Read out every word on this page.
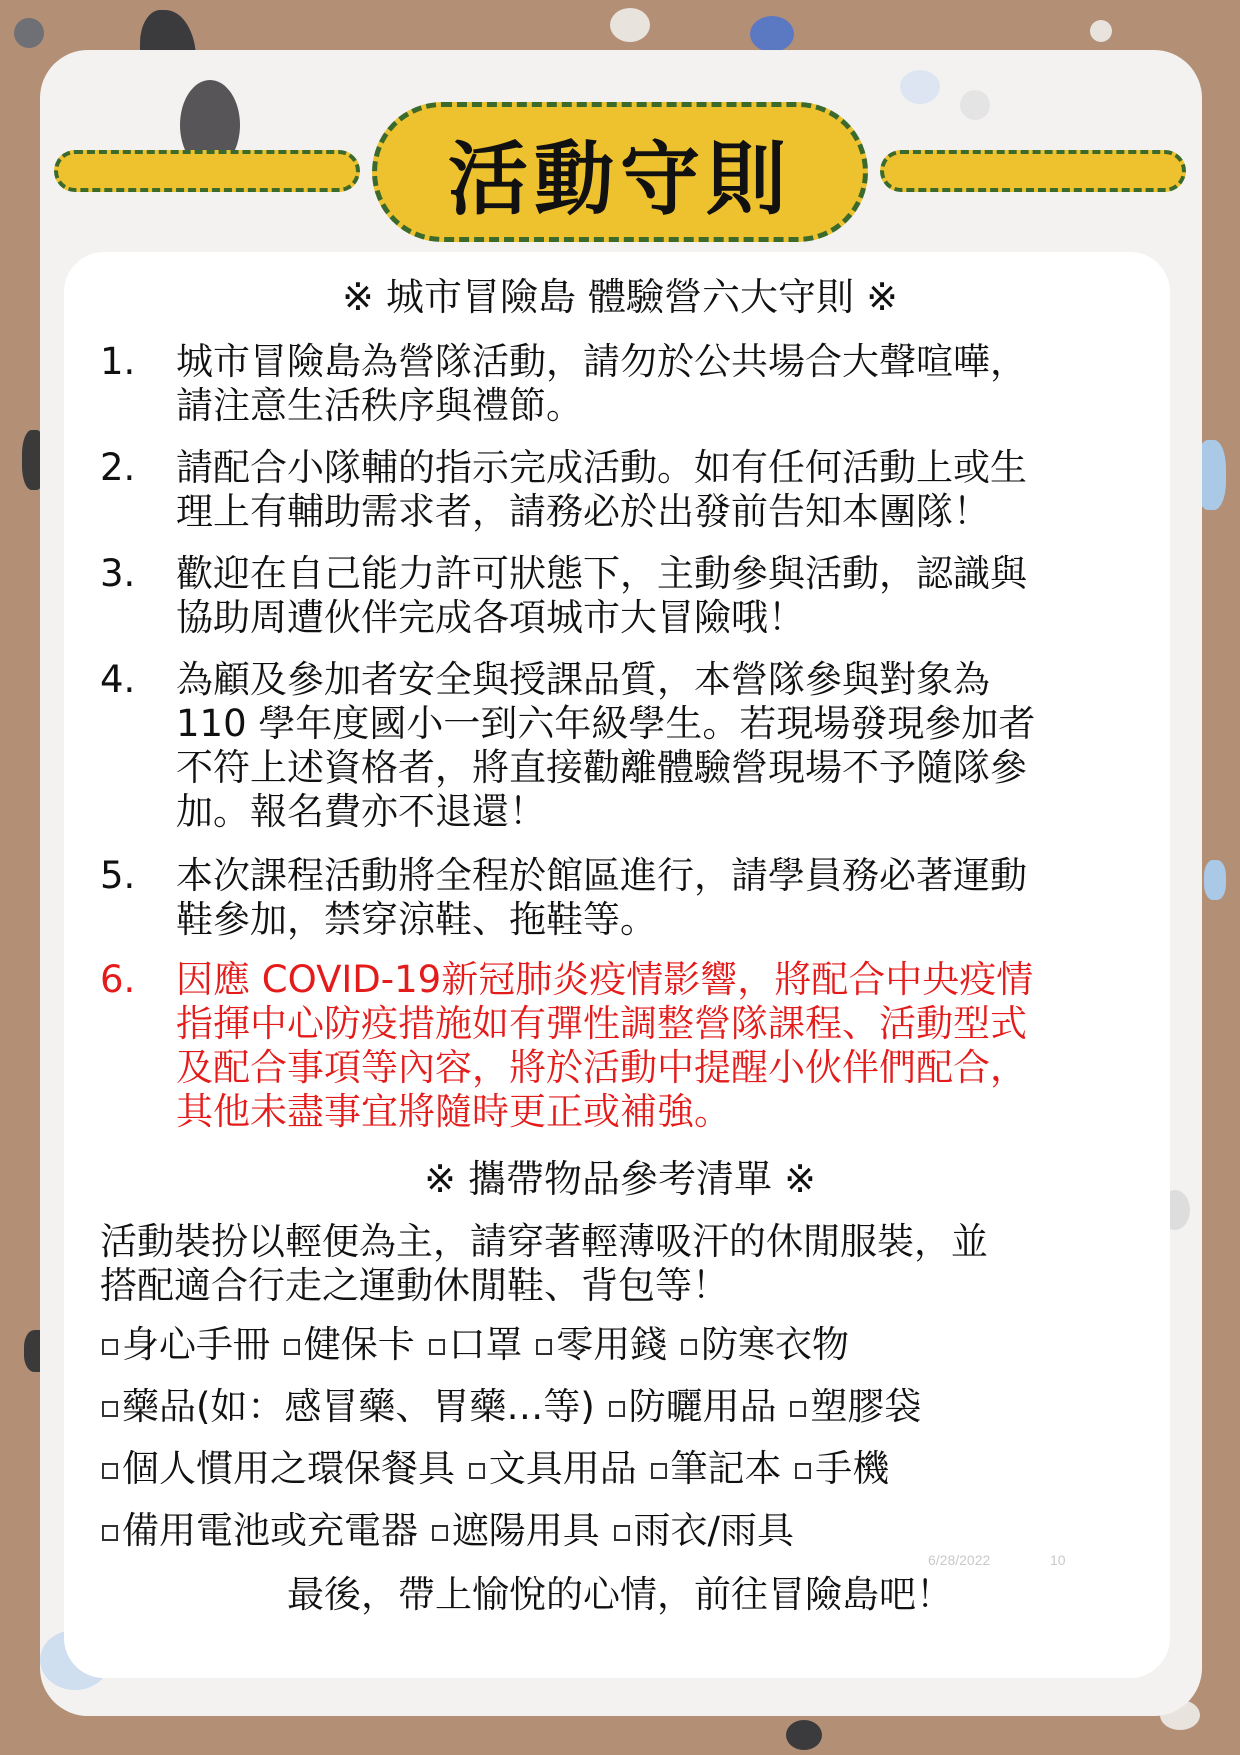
活動守則
※ 城市冒險島 體驗營六大守則 ※
1.	城市冒險島為營隊活動，請勿於公共場合大聲喧嘩，
請注意生活秩序與禮節。
2.	請配合小隊輔的指示完成活動。如有任何活動上或生
理上有輔助需求者，請務必於出發前告知本團隊！
3.	歡迎在自己能力許可狀態下，主動參與活動，認識與
協助周遭伙伴完成各項城市大冒險哦！
4.	為顧及參加者安全與授課品質，本營隊參與對象為
110 學年度國小一到六年級學生。若現場發現參加者
不符上述資格者，將直接勸離體驗營現場不予隨隊參
加。報名費亦不退還！
5.	本次課程活動將全程於館區進行，請學員務必著運動
鞋參加，禁穿涼鞋、拖鞋等。
6.	因應 COVID-19新冠肺炎疫情影響，將配合中央疫情
指揮中心防疫措施如有彈性調整營隊課程、活動型式
及配合事項等內容，將於活動中提醒小伙伴們配合，
其他未盡事宜將隨時更正或補強。
※ 攜帶物品參考清單 ※
活動裝扮以輕便為主，請穿著輕薄吸汗的休閒服裝，並
搭配適合行走之運動休閒鞋、背包等！
身心手冊 健保卡 口罩 零用錢 防寒衣物
藥品(如：感冒藥、胃藥…等) 防曬用品 塑膠袋
個人慣用之環保餐具 文具用品 筆記本 手機
備用電池或充電器 遮陽用具 雨衣/雨具
6/28/2022	10
最後，帶上愉悅的心情，前往冒險島吧！
